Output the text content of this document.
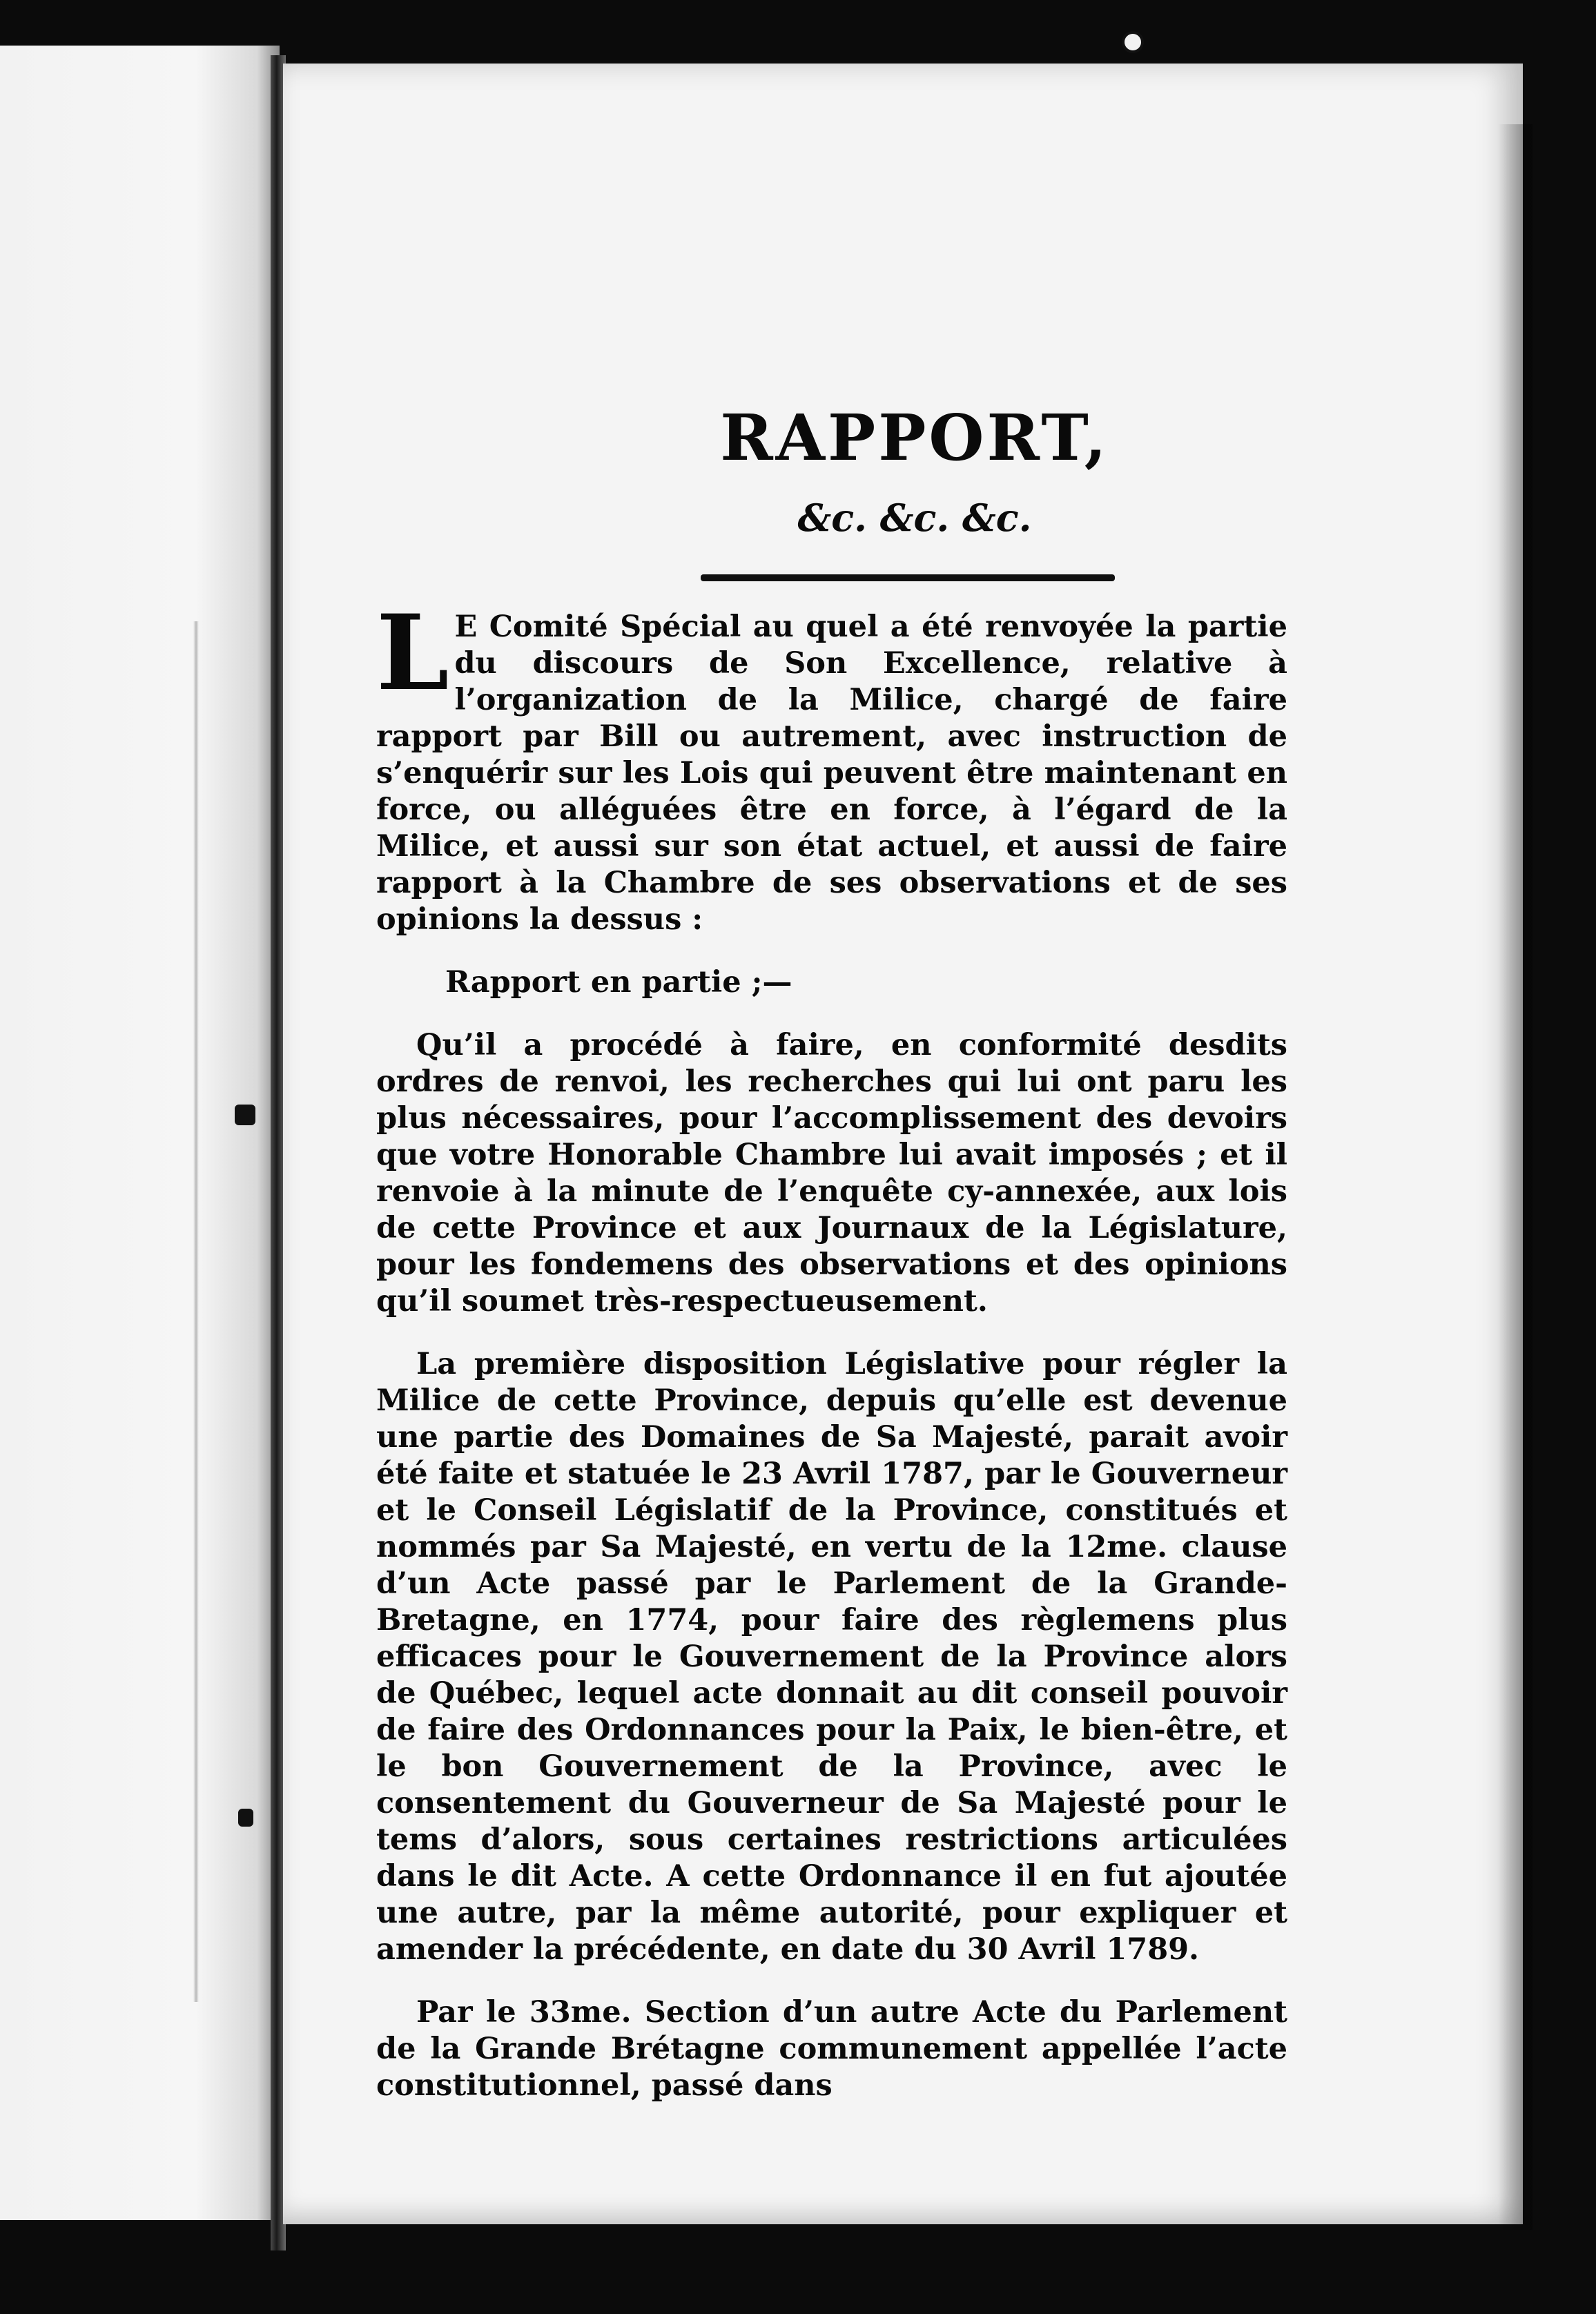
RAPPORT,
&c. &c. &c.

L E Comité Spécial au quel a été renvoyée la partie du discours de Son Excellence, relative à l’organization de la Milice, chargé de faire rapport par Bill ou autrement, avec instruction de s’enquérir sur les Lois qui peuvent être maintenant en force, ou alléguées être en force, à l’égard de la Milice, et aussi sur son état actuel, et aussi de faire rapport à la Chambre de ses observations et de ses opinions la dessus :

Rapport en partie ;—

Qu’il a procédé à faire, en conformité desdits ordres de renvoi, les recherches qui lui ont paru les plus nécessaires, pour l’accomplissement des devoirs que votre Honorable Chambre lui avait imposés ; et il renvoie à la minute de l’enquête cy-annexée, aux lois de cette Province et aux Journaux de la Législature, pour les fondemens des observations et des opinions qu’il soumet très-respectueusement.

La première disposition Législative pour régler la Milice de cette Province, depuis qu’elle est devenue une partie des Domaines de Sa Majesté, parait avoir été faite et statuée le 23 Avril 1787, par le Gouverneur et le Conseil Législatif de la Province, constitués et nommés par Sa Majesté, en vertu de la 12me. clause d’un Acte passé par le Parlement de la Grande-Bretagne, en 1774, pour faire des règlemens plus efficaces pour le Gouvernement de la Province alors de Québec, lequel acte donnait au dit conseil pouvoir de faire des Ordonnances pour la Paix, le bien-être, et le bon Gouvernement de la Province, avec le consentement du Gouverneur de Sa Majesté pour le tems d’alors, sous certaines restrictions articulées dans le dit Acte. A cette Ordonnance il en fut ajoutée une autre, par la même autorité, pour expliquer et amender la précédente, en date du 30 Avril 1789.

Par le 33me. Section d’un autre Acte du Parlement de la Grande Brétagne communement appellée l’acte constitutionnel, passé dans
